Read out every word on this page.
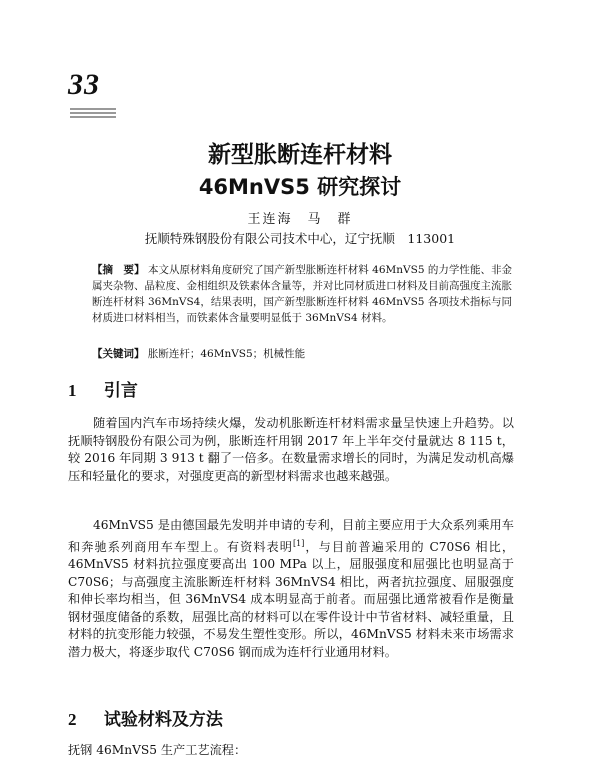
33
新型胀断连杆材料
46MnVS5 研究探讨
王连海　马　群
抚顺特殊钢股份有限公司技术中心，辽宁抚顺　113001
【摘　要】 本文从原材料角度研究了国产新型胀断连杆材料 46MnVS5 的力学性能、非金属夹杂物、晶粒度、金相组织及铁素体含量等，并对比同材质进口材料及目前高强度主流胀断连杆材料 36MnVS4，结果表明，国产新型胀断连杆材料 46MnVS5 各项技术指标与同材质进口材料相当，而铁素体含量要明显低于 36MnVS4 材料。
【关键词】 胀断连杆；46MnVS5；机械性能
1 引言
随着国内汽车市场持续火爆，发动机胀断连杆材料需求量呈快速上升趋势。以抚顺特钢股份有限公司为例，胀断连杆用钢 2017 年上半年交付量就达 8 115 t，较 2016 年同期 3 913 t 翻了一倍多。在数量需求增长的同时，为满足发动机高爆压和轻量化的要求，对强度更高的新型材料需求也越来越强。
46MnVS5 是由德国最先发明并申请的专利，目前主要应用于大众系列乘用车和奔驰系列商用车车型上。有资料表明[1]，与目前普遍采用的 C70S6 相比，46MnVS5 材料抗拉强度要高出 100 MPa 以上，屈服强度和屈强比也明显高于 C70S6；与高强度主流胀断连杆材料 36MnVS4 相比，两者抗拉强度、屈服强度和伸长率均相当，但 36MnVS4 成本明显高于前者。而屈强比通常被看作是衡量钢材强度储备的系数，屈强比高的材料可以在零件设计中节省材料、减轻重量，且材料的抗变形能力较强，不易发生塑性变形。所以，46MnVS5 材料未来市场需求潜力极大，将逐步取代 C70S6 钢而成为连杆行业通用材料。
2 试验材料及方法
抚钢 46MnVS5 生产工艺流程：
